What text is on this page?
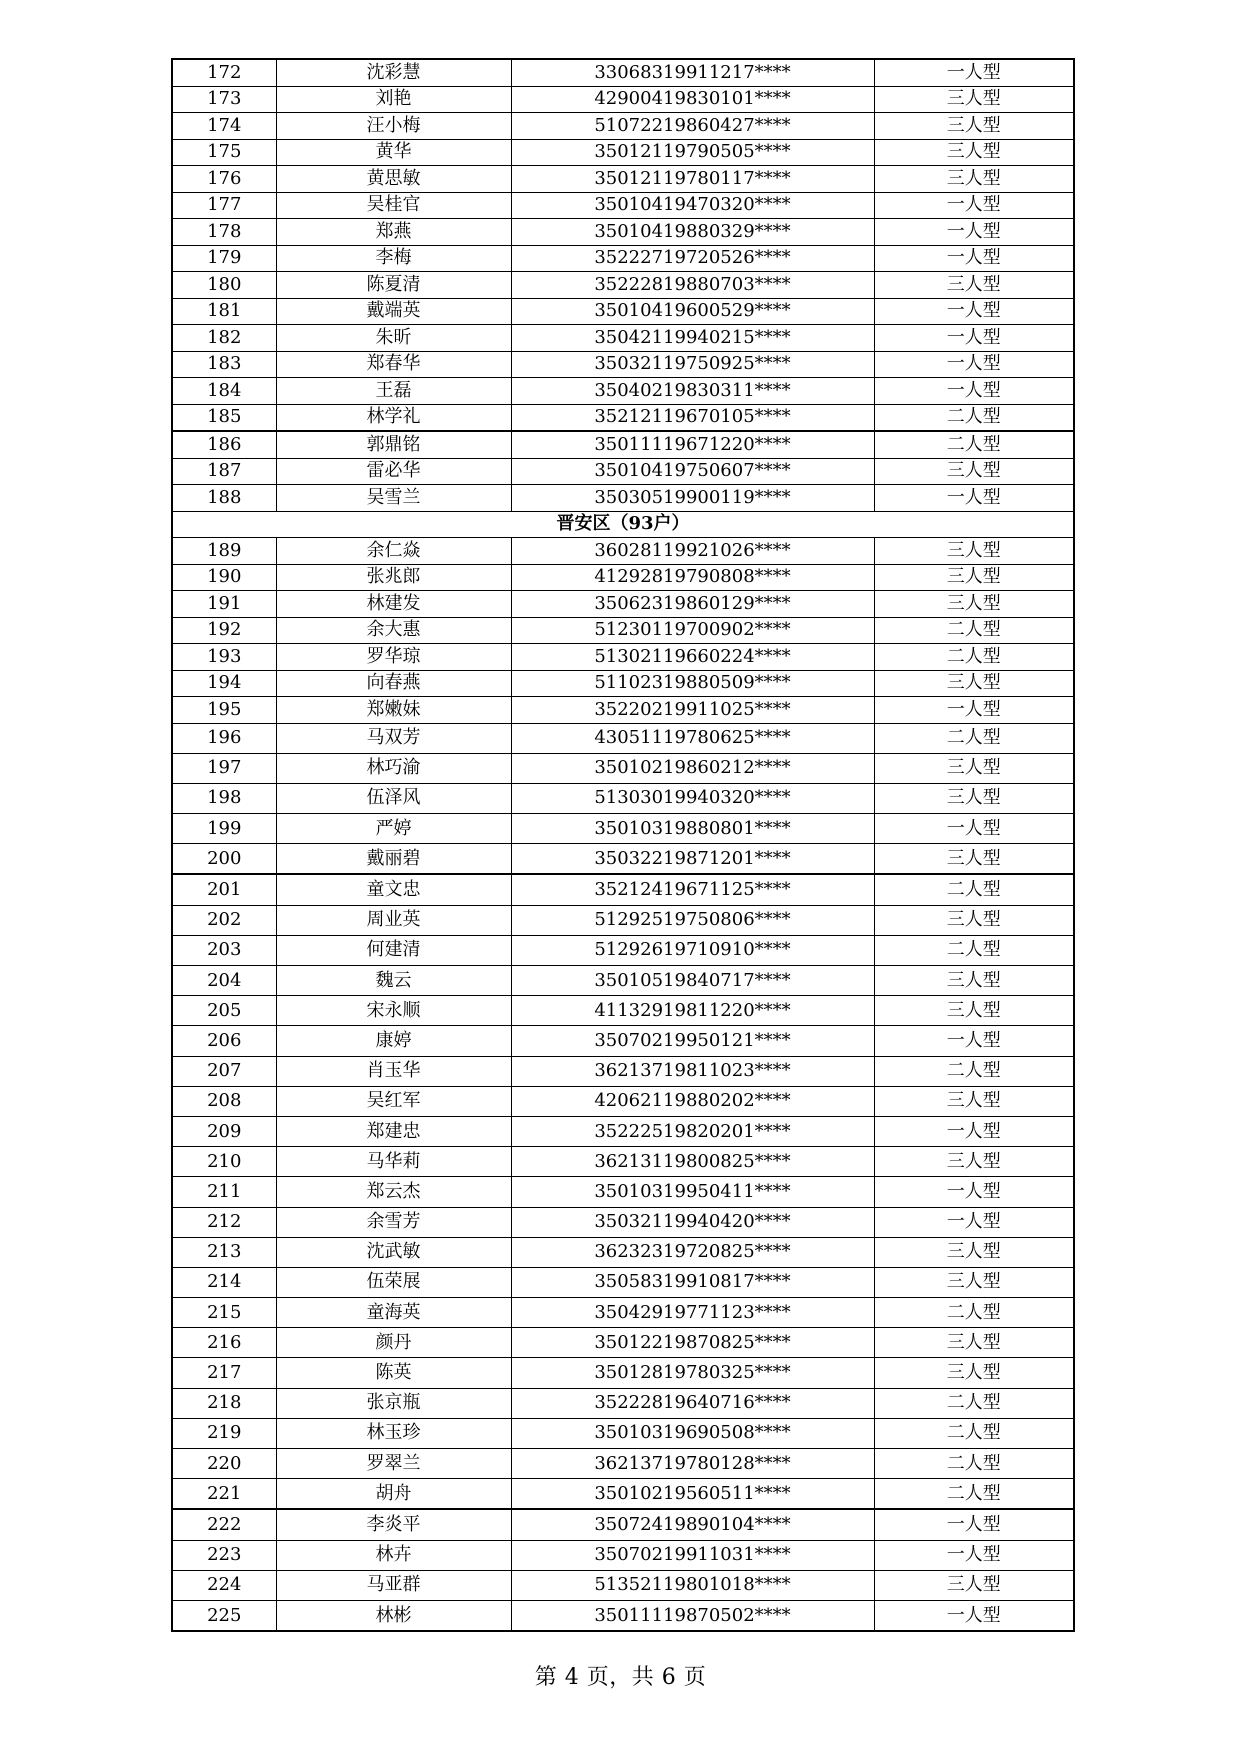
172	沈彩慧	33068319911217****	一人型
173	刘艳	42900419830101****	三人型
174	汪小梅	51072219860427****	三人型
175	黄华	35012119790505****	三人型
176	黄思敏	35012119780117****	三人型
177	吴桂官	35010419470320****	一人型
178	郑燕	35010419880329****	一人型
179	李梅	35222719720526****	一人型
180	陈夏清	35222819880703****	三人型
181	戴端英	35010419600529****	一人型
182	朱昕	35042119940215****	一人型
183	郑春华	35032119750925****	一人型
184	王磊	35040219830311****	一人型
185	林学礼	35212119670105****	二人型
186	郭鼎铭	35011119671220****	二人型
187	雷必华	35010419750607****	三人型
188	吴雪兰	35030519900119****	一人型
晋安区（93户）			
189	余仁焱	36028119921026****	三人型
190	张兆郎	41292819790808****	三人型
191	林建发	35062319860129****	三人型
192	余大惠	51230119700902****	二人型
193	罗华琼	51302119660224****	二人型
194	向春燕	51102319880509****	三人型
195	郑嫩妹	35220219911025****	一人型
196	马双芳	43051119780625****	二人型
197	林巧渝	35010219860212****	三人型
198	伍泽风	51303019940320****	三人型
199	严婷	35010319880801****	一人型
200	戴丽碧	35032219871201****	三人型
201	童文忠	35212419671125****	二人型
202	周业英	51292519750806****	三人型
203	何建清	51292619710910****	二人型
204	魏云	35010519840717****	三人型
205	宋永顺	41132919811220****	三人型
206	康婷	35070219950121****	一人型
207	肖玉华	36213719811023****	二人型
208	吴红军	42062119880202****	三人型
209	郑建忠	35222519820201****	一人型
210	马华莉	36213119800825****	三人型
211	郑云杰	35010319950411****	一人型
212	余雪芳	35032119940420****	一人型
213	沈武敏	36232319720825****	三人型
214	伍荣展	35058319910817****	三人型
215	童海英	35042919771123****	二人型
216	颜丹	35012219870825****	三人型
217	陈英	35012819780325****	三人型
218	张京瓶	35222819640716****	二人型
219	林玉珍	35010319690508****	二人型
220	罗翠兰	36213719780128****	二人型
221	胡舟	35010219560511****	二人型
222	李炎平	35072419890104****	一人型
223	林卉	35070219911031****	一人型
224	马亚群	51352119801018****	三人型
225	林彬	35011119870502****	一人型
第 4 页，共 6 页
